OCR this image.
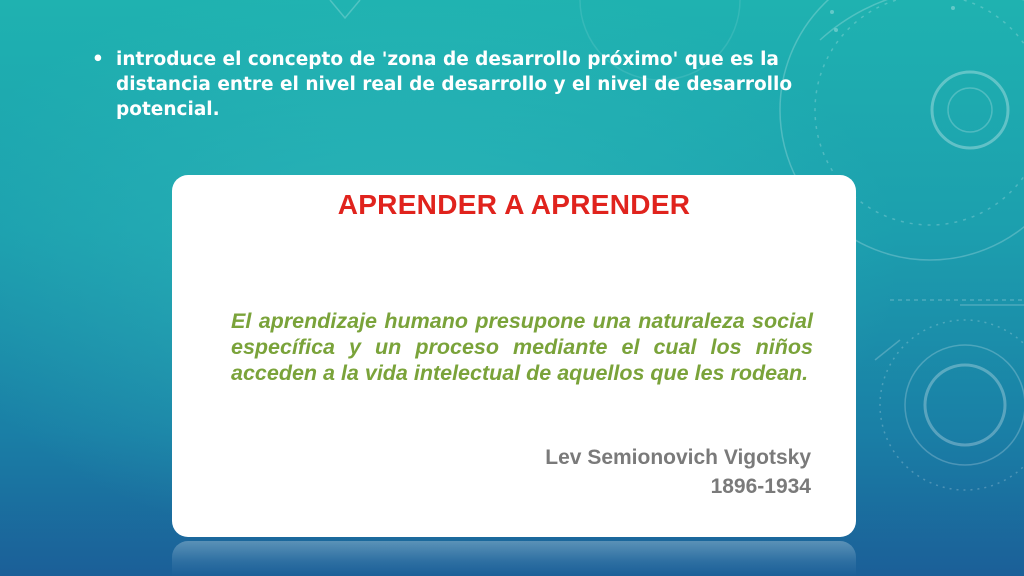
• introduce el concepto de 'zona de desarrollo próximo' que es la distancia entre el nivel real de desarrollo y el nivel de desarrollo potencial.
APRENDER A APRENDER
El aprendizaje humano presupone una naturaleza social específica y un proceso mediante el cual los niños acceden a la vida intelectual de aquellos que les rodean.
Lev Semionovich Vigotsky
1896-1934
